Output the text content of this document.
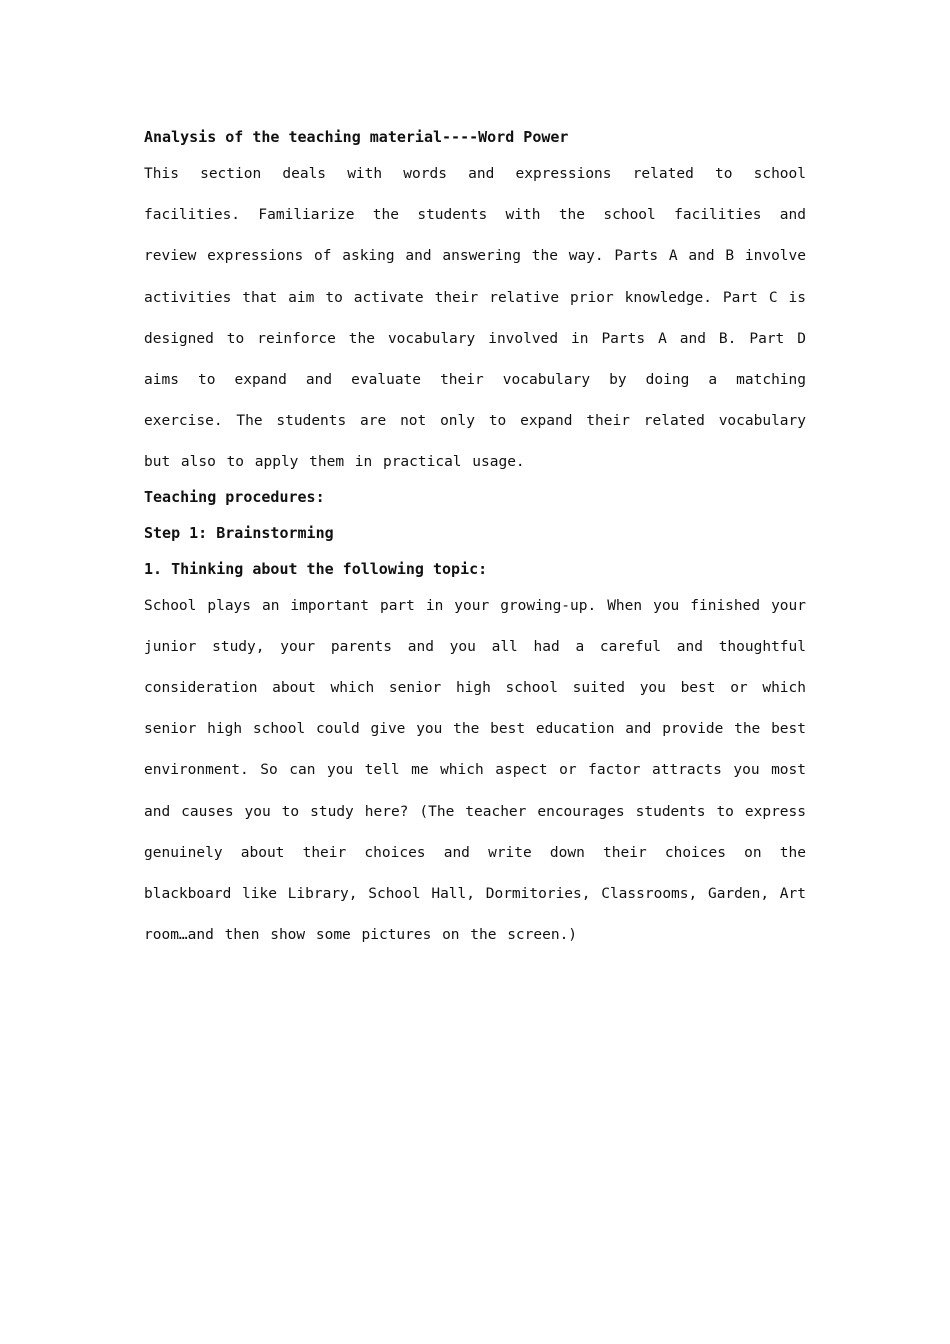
Analysis of the teaching material----Word Power

This section deals with words and expressions related to school facilities. Familiarize the students with the school facilities and review expressions of asking and answering the way. Parts A and B involve activities that aim to activate their relative prior knowledge. Part C is designed to reinforce the vocabulary involved in Parts A and B. Part D aims to expand and evaluate their vocabulary by doing a matching exercise. The students are not only to expand their related vocabulary but also to apply them in practical usage.

Teaching procedures:
Step 1: Brainstorming
1. Thinking about the following topic:

School plays an important part in your growing-up. When you finished your junior study, your parents and you all had a careful and thoughtful consideration about which senior high school suited you best or which senior high school could give you the best education and provide the best environment. So can you tell me which aspect or factor attracts you most and causes you to study here? (The teacher encourages students to express genuinely about their choices and write down their choices on the blackboard like Library, School Hall, Dormitories, Classrooms, Garden, Art room…and then show some pictures on the screen.)
